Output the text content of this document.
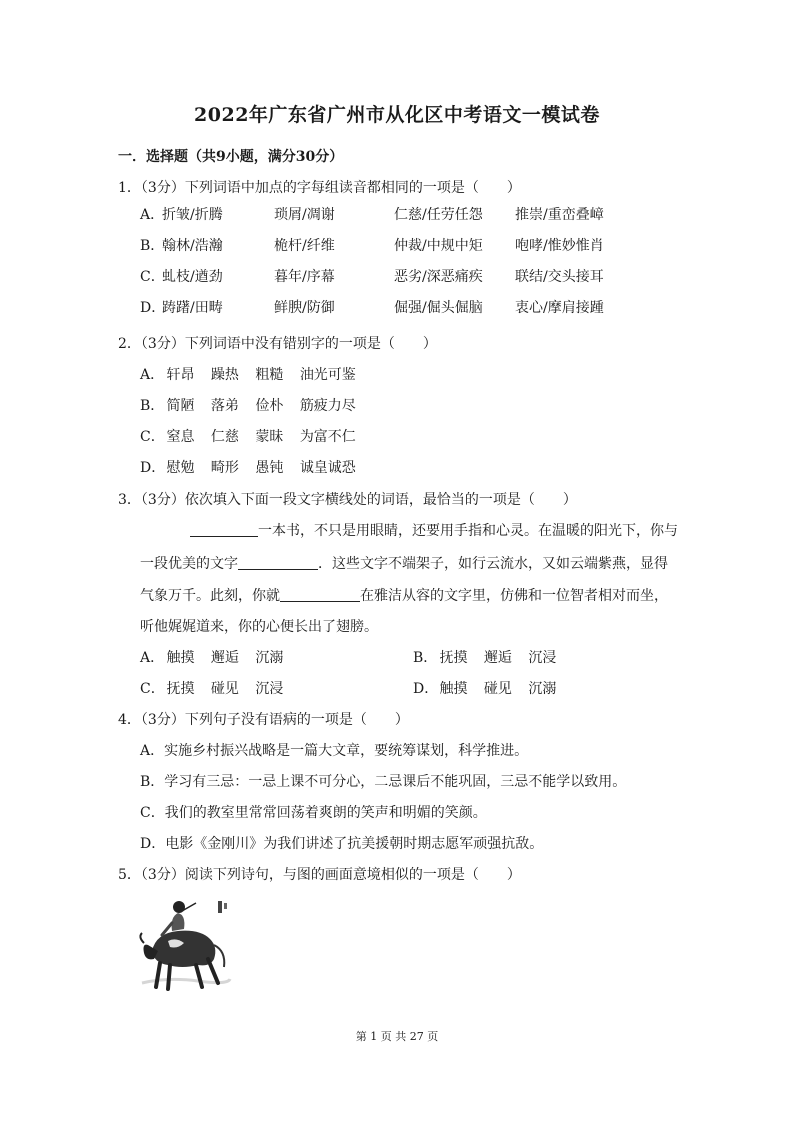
2022年广东省广州市从化区中考语文一模试卷
一．选择题（共9小题，满分30分）
1．（3分）下列词语中加点的字每组读音都相同的一项是（　　）
A．
折皱/折腾	琐屑/凋谢	仁慈/任劳任怨	推崇/重峦叠嶂
B．
翰林/浩瀚	桅杆/纤维	仲裁/中规中矩	咆哮/惟妙惟肖
C．
虬枝/遒劲	暮年/序幕	恶劣/深恶痛疾	联结/交头接耳
D．
踌躇/田畴	鲜腴/防御	倔强/倔头倔脑	衷心/摩肩接踵
2．（3分）下列词语中没有错别字的一项是（　　）
A． 轩昂 躁热 粗糙 油光可鉴
B． 简陋 落弟 俭朴 筋疲力尽
C． 窒息 仁慈 蒙昧 为富不仁
D． 慰勉 畸形 愚钝 诚皇诚恐
3．（3分）依次填入下面一段文字横线处的词语，最恰当的一项是（　　）
一本书，不只是用眼睛，还要用手指和心灵。在温暖的阳光下，你与
一段优美的文字	．这些文字不端架子，如行云流水，又如云端紫燕，显得
气象万千。此刻，你就	在雅洁从容的文字里，仿佛和一位智者相对而坐，
听他娓娓道来，你的心便长出了翅膀。
A． 触摸 邂逅 沉溺	B． 抚摸 邂逅 沉浸
C． 抚摸 碰见 沉浸	D． 触摸 碰见 沉溺
4．（3分）下列句子没有语病的一项是（　　）
A．实施乡村振兴战略是一篇大文章，要统筹谋划，科学推进。
B．学习有三忌：一忌上课不可分心，二忌课后不能巩固，三忌不能学以致用。
C．我们的教室里常常回荡着爽朗的笑声和明媚的笑颜。
D．电影《金刚川》为我们讲述了抗美援朝时期志愿军顽强抗敌。
5．（3分）阅读下列诗句，与图的画面意境相似的一项是（　　）
第 1 页 共 27 页
